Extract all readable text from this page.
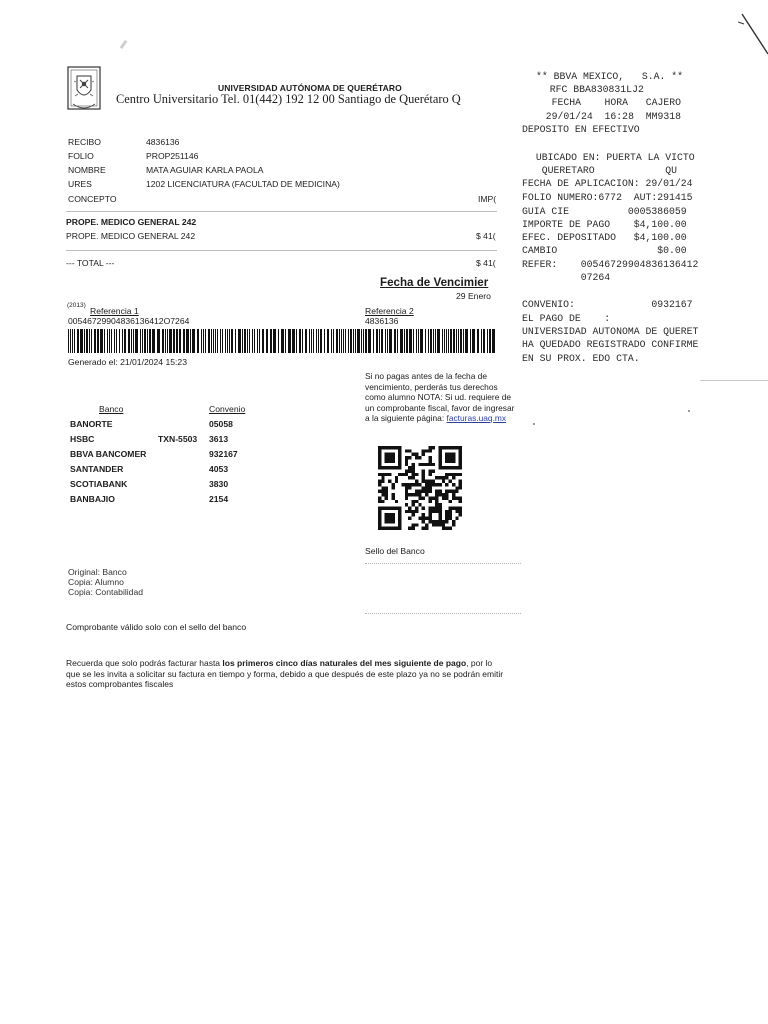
UNIVERSIDAD AUTÓNOMA DE QUERÉTARO
Centro Universitario Tel. 01(442) 192 12 00 Santiago de Querétaro Q
RECIBO	4836136
FOLIO	PROP251146
NOMBRE	MATA AGUIAR KARLA PAOLA
URES	1202 LICENCIATURA (FACULTAD DE MEDICINA)
CONCEPTO	IMP(
PROPE. MEDICO GENERAL 242
PROPE. MEDICO GENERAL 242	$ 41(
--- TOTAL ---	$ 41(
Fecha de Vencimier
29 Enero
(2013)
Referencia 1
00546729904836136412O7264
Referencia 2
4836136
Generado el: 21/01/2024 15:23
Banco	Convenio
BANORTE	05058
HSBC	TXN-5503 3613
BBVA BANCOMER	932167
SANTANDER	4053
SCOTIABANK	3830
BANBAJIO	2154
Si no pagas antes de la fecha de vencimiento, perderás tus derechos como alumno NOTA: Si ud. requiere de un comprobante fiscal, favor de ingresar a la siguiente página: facturas.uaq.mx
Sello del Banco
Original: Banco
Copia: Alumno
Copia: Contabilidad
Comprobante válido solo con el sello del banco
Recuerda que solo podrás facturar hasta los primeros cinco días naturales del mes siguiente de pago, por lo que se les invita a solicitar su factura en tiempo y forma, debido a que después de este plazo ya no se podrán emitir estos comprobantes fiscales
** BBVA MEXICO,   S.A. **
RFC BBA830831LJ2
FECHA    HORA   CAJERO
29/01/24  16:28  MM9318
DEPOSITO EN EFECTIVO
UBICADO EN: PUERTA LA VICTO
QUERETARO            QU
FECHA DE APLICACION: 29/01/24
FOLIO NUMERO:6772  AUT:291415
GUIA CIE          0005386059
IMPORTE DE PAGO    $4,100.00
EFEC. DEPOSITADO   $4,100.00
CAMBIO                 $0.00
REFER:    00546729904836136412
07264
CONVENIO:             0932167
EL PAGO DE    :
UNIVERSIDAD AUTONOMA DE QUERET
HA QUEDADO REGISTRADO CONFIRME
EN SU PROX. EDO CTA.
